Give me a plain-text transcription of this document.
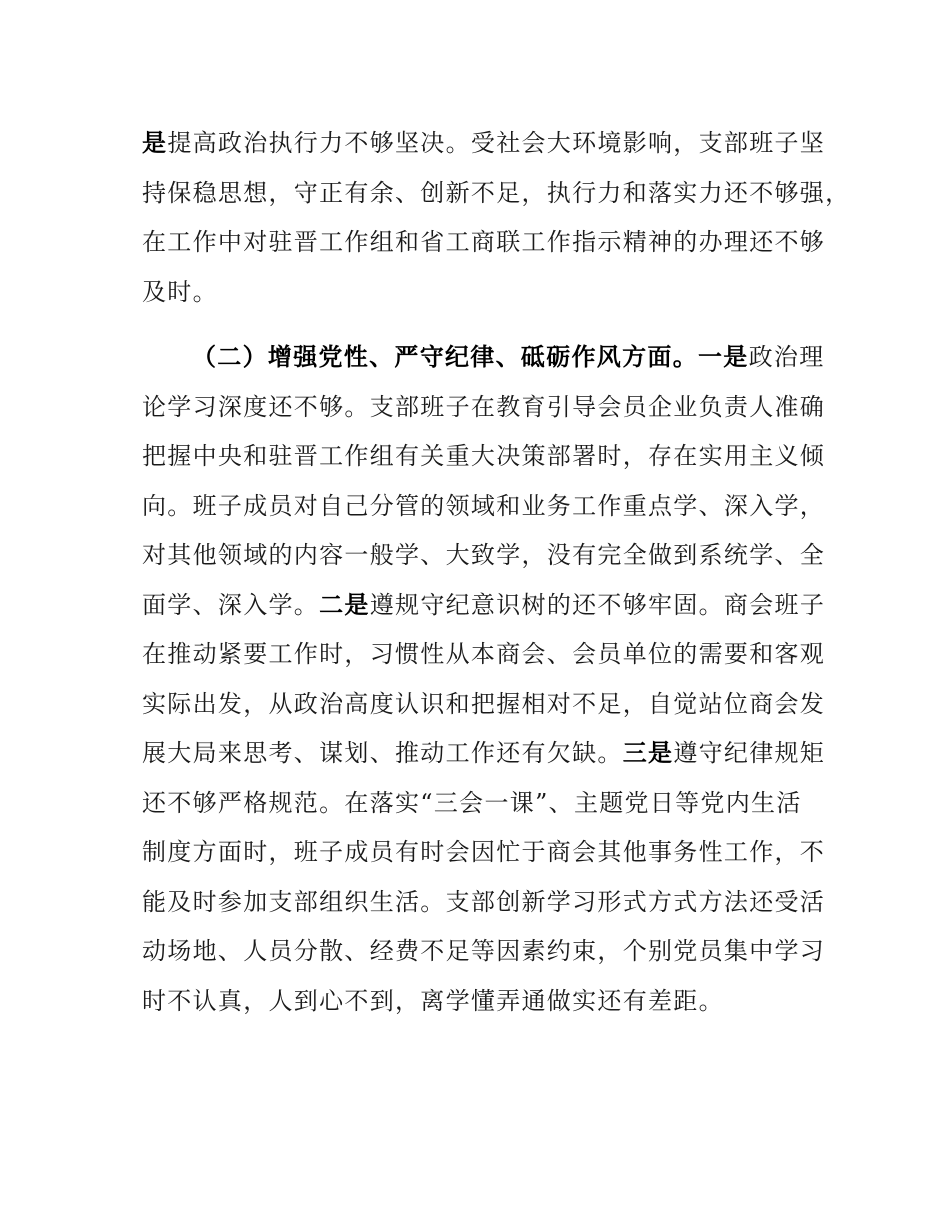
是提高政治执行力不够坚决。受社会大环境影响，支部班子坚
持保稳思想，守正有余、创新不足，执行力和落实力还不够强，
在工作中对驻晋工作组和省工商联工作指示精神的办理还不够
及时。
（二）增强党性、严守纪律、砥砺作风方面。一是政治理
论学习深度还不够。支部班子在教育引导会员企业负责人准确
把握中央和驻晋工作组有关重大决策部署时，存在实用主义倾
向。班子成员对自己分管的领域和业务工作重点学、深入学，
对其他领域的内容一般学、大致学，没有完全做到系统学、全
面学、深入学。二是遵规守纪意识树的还不够牢固。商会班子
在推动紧要工作时，习惯性从本商会、会员单位的需要和客观
实际出发，从政治高度认识和把握相对不足，自觉站位商会发
展大局来思考、谋划、推动工作还有欠缺。三是遵守纪律规矩
还不够严格规范。在落实“三会一课”、主题党日等党内生活
制度方面时，班子成员有时会因忙于商会其他事务性工作，不
能及时参加支部组织生活。支部创新学习形式方式方法还受活
动场地、人员分散、经费不足等因素约束，个别党员集中学习
时不认真，人到心不到，离学懂弄通做实还有差距。
